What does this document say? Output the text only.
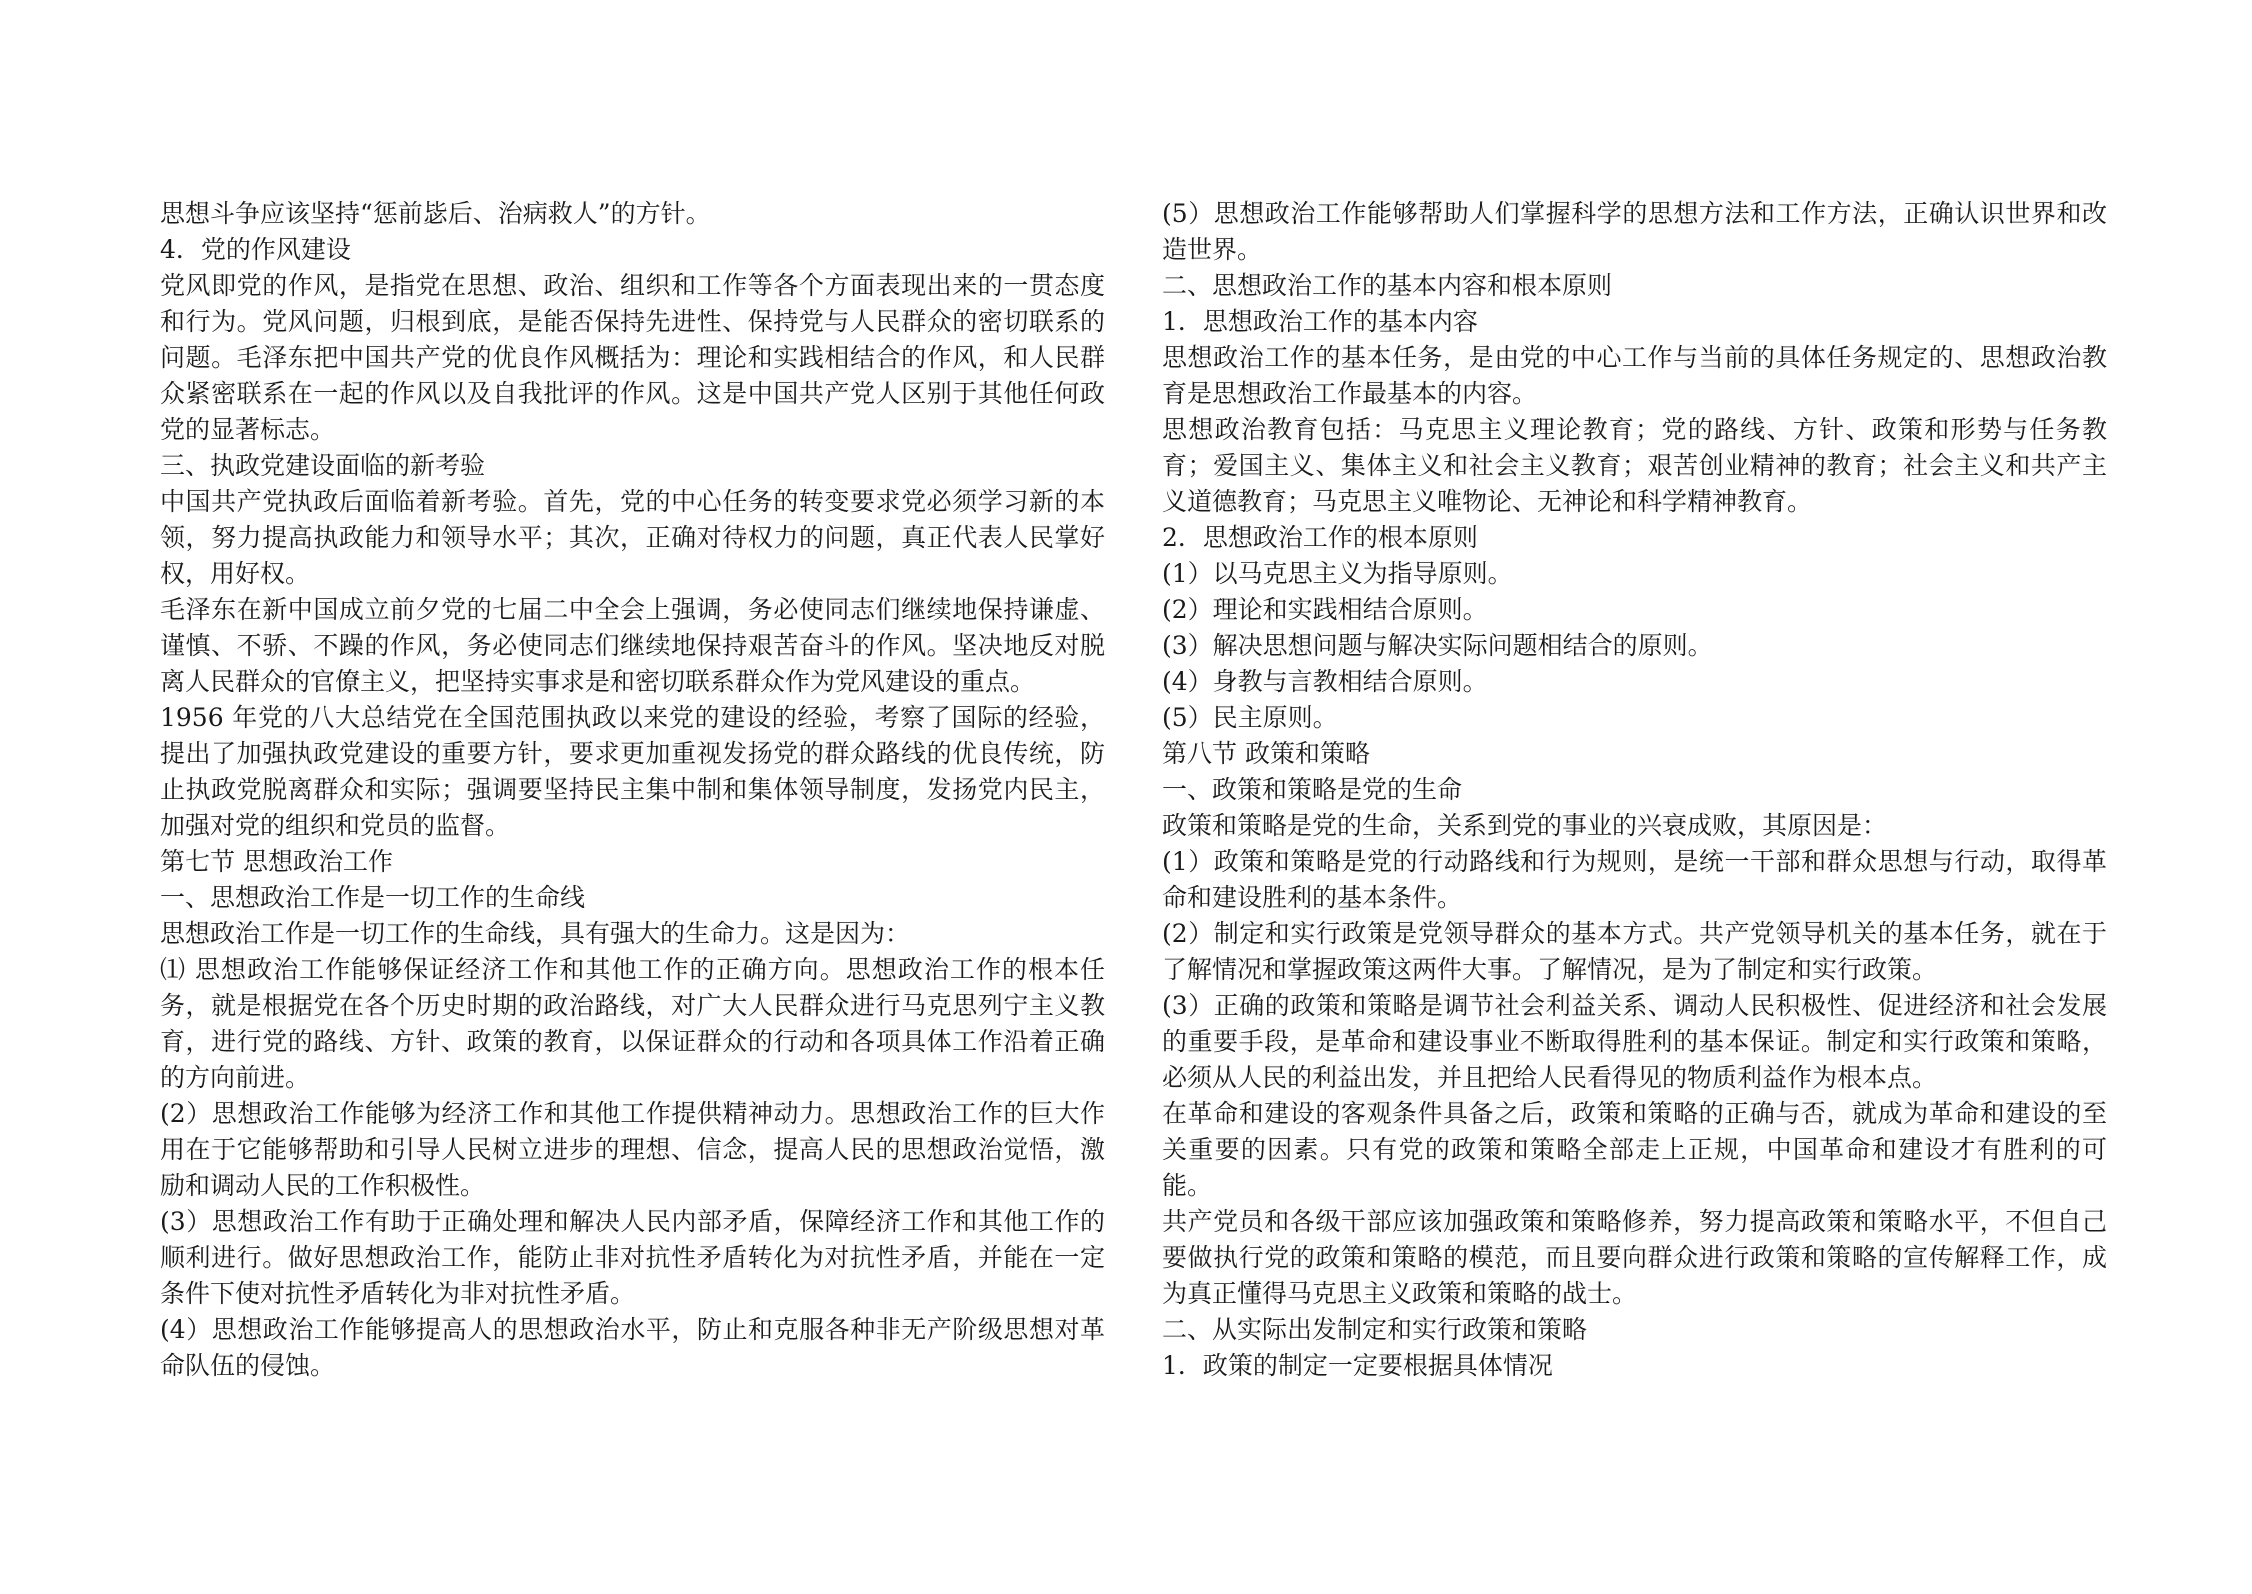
思想斗争应该坚持“惩前毖后、治病救人”的方针。

4．党的作风建设

党风即党的作风，是指党在思想、政治、组织和工作等各个方面表现出来的一贯态度和行为。党风问题，归根到底，是能否保持先进性、保持党与人民群众的密切联系的问题。毛泽东把中国共产党的优良作风概括为：理论和实践相结合的作风，和人民群众紧密联系在一起的作风以及自我批评的作风。这是中国共产党人区别于其他任何政党的显著标志。

三、执政党建设面临的新考验

中国共产党执政后面临着新考验。首先，党的中心任务的转变要求党必须学习新的本领，努力提高执政能力和领导水平；其次，正确对待权力的问题，真正代表人民掌好权，用好权。

毛泽东在新中国成立前夕党的七届二中全会上强调，务必使同志们继续地保持谦虚、谨慎、不骄、不躁的作风，务必使同志们继续地保持艰苦奋斗的作风。坚决地反对脱离人民群众的官僚主义，把坚持实事求是和密切联系群众作为党风建设的重点。

1956 年党的八大总结党在全国范围执政以来党的建设的经验，考察了国际的经验，提出了加强执政党建设的重要方针，要求更加重视发扬党的群众路线的优良传统，防止执政党脱离群众和实际；强调要坚持民主集中制和集体领导制度，发扬党内民主，加强对党的组织和党员的监督。

第七节 思想政治工作

一、思想政治工作是一切工作的生命线

思想政治工作是一切工作的生命线，具有强大的生命力。这是因为：

⑴ 思想政治工作能够保证经济工作和其他工作的正确方向。思想政治工作的根本任务，就是根据党在各个历史时期的政治路线，对广大人民群众进行马克思列宁主义教育，进行党的路线、方针、政策的教育，以保证群众的行动和各项具体工作沿着正确的方向前进。

(2）思想政治工作能够为经济工作和其他工作提供精神动力。思想政治工作的巨大作用在于它能够帮助和引导人民树立进步的理想、信念，提高人民的思想政治觉悟，激励和调动人民的工作积极性。

(3）思想政治工作有助于正确处理和解决人民内部矛盾，保障经济工作和其他工作的顺利进行。做好思想政治工作，能防止非对抗性矛盾转化为对抗性矛盾，并能在一定条件下使对抗性矛盾转化为非对抗性矛盾。

(4）思想政治工作能够提高人的思想政治水平，防止和克服各种非无产阶级思想对革命队伍的侵蚀。

(5）思想政治工作能够帮助人们掌握科学的思想方法和工作方法，正确认识世界和改造世界。

二、思想政治工作的基本内容和根本原则

1．思想政治工作的基本内容

思想政治工作的基本任务，是由党的中心工作与当前的具体任务规定的、思想政治教育是思想政治工作最基本的内容。

思想政治教育包括：马克思主义理论教育；党的路线、方针、政策和形势与任务教育；爱国主义、集体主义和社会主义教育；艰苦创业精神的教育；社会主义和共产主义道德教育；马克思主义唯物论、无神论和科学精神教育。

2．思想政治工作的根本原则

(1）以马克思主义为指导原则。

(2）理论和实践相结合原则。

(3）解决思想问题与解决实际问题相结合的原则。

(4）身教与言教相结合原则。

(5）民主原则。

第八节 政策和策略

一、政策和策略是党的生命

政策和策略是党的生命，关系到党的事业的兴衰成败，其原因是：

(1）政策和策略是党的行动路线和行为规则，是统一干部和群众思想与行动，取得革命和建设胜利的基本条件。

(2）制定和实行政策是党领导群众的基本方式。共产党领导机关的基本任务，就在于了解情况和掌握政策这两件大事。了解情况，是为了制定和实行政策。

(3）正确的政策和策略是调节社会利益关系、调动人民积极性、促进经济和社会发展的重要手段，是革命和建设事业不断取得胜利的基本保证。制定和实行政策和策略，必须从人民的利益出发，并且把给人民看得见的物质利益作为根本点。

在革命和建设的客观条件具备之后，政策和策略的正确与否，就成为革命和建设的至关重要的因素。只有党的政策和策略全部走上正规，中国革命和建设才有胜利的可能。

共产党员和各级干部应该加强政策和策略修养，努力提高政策和策略水平，不但自己要做执行党的政策和策略的模范，而且要向群众进行政策和策略的宣传解释工作，成为真正懂得马克思主义政策和策略的战士。

二、从实际出发制定和实行政策和策略

1．政策的制定一定要根据具体情况
